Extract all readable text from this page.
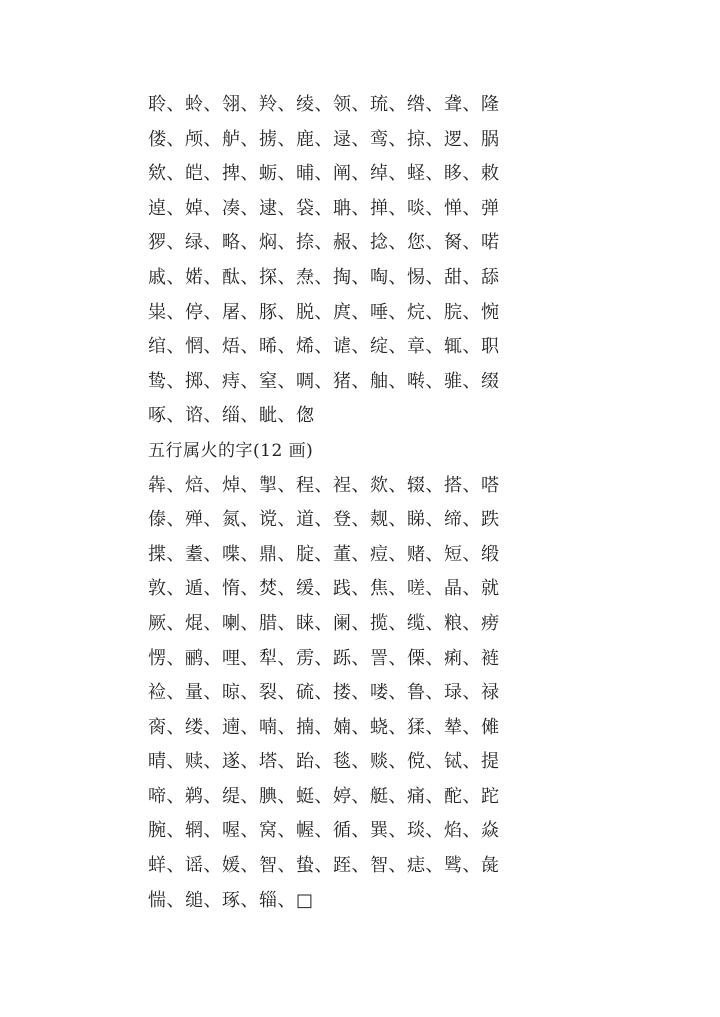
聆、蛉、翎、羚、绫、领、琉、绺、聋、隆
偻、颅、舻、掳、鹿、逯、鸾、掠、逻、脶
欸、皑、捭、蛎、晡、阐、绰、蛏、眵、敕
逴、婥、凑、逮、袋、聃、掸、啖、惮、弹
猡、绿、略、焖、捺、赧、捻、您、胬、喏
戚、婼、酞、探、焘、掏、啕、惕、甜、舔
粜、停、屠、豚、脱、庹、唾、烷、脘、惋
绾、惘、焐、晞、烯、谑、绽、章、辄、职
鸷、掷、痔、窒、啁、猪、舳、啭、骓、缀
啄、谘、缁、眦、偬
五行属火的字(12 画)
犇、焙、焯、掣、程、裎、欻、辍、搭、嗒
傣、殚、氮、谠、道、登、觌、睇、缔、跌
揲、耋、喋、鼎、腚、董、痘、赌、短、缎
敦、遁、惰、焚、缓、践、焦、嗟、晶、就
厥、焜、喇、腊、睐、阑、揽、缆、粮、痨
愣、鹂、哩、犁、雳、跞、詈、傈、痢、裢
裣、量、晾、裂、硫、搂、喽、鲁、琭、禄
脔、缕、遖、喃、揇、婻、蛲、猱、辇、傩
晴、赎、遂、塔、跆、毯、赕、傥、铽、提
啼、鹈、缇、腆、蜓、婷、艇、痛、酡、跎
腕、辋、喔、窝、幄、循、巽、琰、焰、焱
蛘、谣、媛、智、蛰、跮、智、痣、骘、彘
惴、缒、琢、辎、□
